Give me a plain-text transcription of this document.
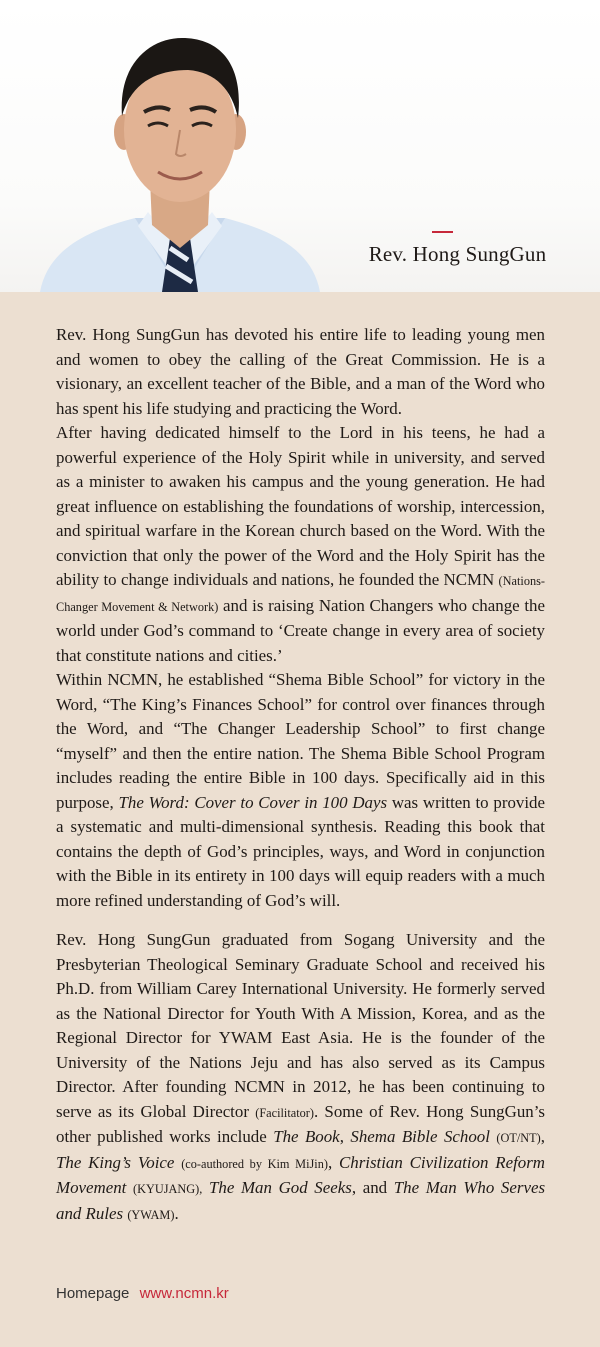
Rev. Hong SungGun

Rev. Hong SungGun has devoted his entire life to leading young men and women to obey the calling of the Great Commission. He is a visionary, an excellent teacher of the Bible, and a man of the Word who has spent his life studying and practicing the Word.
After having dedicated himself to the Lord in his teens, he had a powerful experience of the Holy Spirit while in university, and served as a minister to awaken his campus and the young generation. He had great influence on establishing the foundations of worship, intercession, and spiritual warfare in the Korean church based on the Word. With the conviction that only the power of the Word and the Holy Spirit has the ability to change individuals and nations, he founded the NCMN (Nations-Changer Movement & Network) and is raising Nation Changers who change the world under God’s command to ‘Create change in every area of society that constitute nations and cities.’
Within NCMN, he established “Shema Bible School” for victory in the Word, “The King’s Finances School” for control over finances through the Word, and “The Changer Leadership School” to first change “myself” and then the entire nation. The Shema Bible School Program includes reading the entire Bible in 100 days. Specifically aid in this purpose, The Word: Cover to Cover in 100 Days was written to provide a systematic and multi-dimensional synthesis. Reading this book that contains the depth of God’s principles, ways, and Word in conjunction with the Bible in its entirety in 100 days will equip readers with a much more refined understanding of God’s will.

Rev. Hong SungGun graduated from Sogang University and the Presbyterian Theological Seminary Graduate School and received his Ph.D. from William Carey International University. He formerly served as the National Director for Youth With A Mission, Korea, and as the Regional Director for YWAM East Asia. He is the founder of the University of the Nations Jeju and has also served as its Campus Director. After founding NCMN in 2012, he has been continuing to serve as its Global Director (Facilitator). Some of Rev. Hong SungGun’s other published works include The Book, Shema Bible School (OT/NT), The King’s Voice (co-authored by Kim MiJin), Christian Civilization Reform Movement (KYUJANG), The Man God Seeks, and The Man Who Serves and Rules (YWAM).

Homepage www.ncmn.kr
